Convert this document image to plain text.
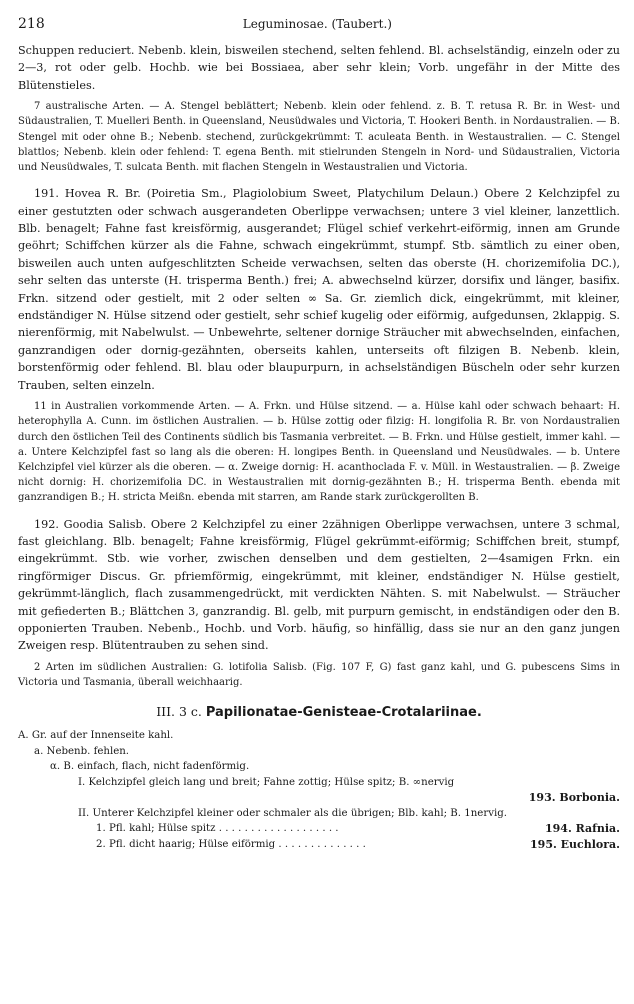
218	Leguminosae. (Taubert.)

Schuppen reduciert. Nebenb. klein, bisweilen stechend, selten fehlend. Bl. achselständig, einzeln oder zu 2—3, rot oder gelb. Hochb. wie bei Bossiaea, aber sehr klein; Vorb. ungefähr in der Mitte des Blütenstieles.

7 australische Arten. — A. Stengel beblättert; Nebenb. klein oder fehlend. z. B. T. retusa R. Br. in West- und Südaustralien, T. Muelleri Benth. in Queensland, Neusüdwales und Victoria, T. Hookeri Benth. in Nordaustralien. — B. Stengel mit oder ohne B.; Nebenb. stechend, zurückgekrümmt: T. aculeata Benth. in Westaustralien. — C. Stengel blattlos; Nebenb. klein oder fehlend: T. egena Benth. mit stielrunden Stengeln in Nord- und Südaustralien, Victoria und Neusüdwales, T. sulcata Benth. mit flachen Stengeln in Westaustralien und Victoria.

191. Hovea R. Br. (Poiretia Sm., Plagiolobium Sweet, Platychilum Delaun.) Obere 2 Kelchzipfel zu einer gestutzten oder schwach ausgerandeten Oberlippe verwachsen; untere 3 viel kleiner, lanzettlich. Blb. benagelt; Fahne fast kreisförmig, ausgerandet; Flügel schief verkehrt-eiförmig, innen am Grunde geöhrt; Schiffchen kürzer als die Fahne, schwach eingekrümmt, stumpf. Stb. sämtlich zu einer oben, bisweilen auch unten aufgeschlitzten Scheide verwachsen, selten das oberste (H. chorizemifolia DC.), sehr selten das unterste (H. trisperma Benth.) frei; A. abwechselnd kürzer, dorsifix und länger, basifix. Frkn. sitzend oder gestielt, mit 2 oder selten ∞ Sa. Gr. ziemlich dick, eingekrümmt, mit kleiner, endständiger N. Hülse sitzend oder gestielt, sehr schief kugelig oder eiförmig, aufgedunsen, 2klappig. S. nierenförmig, mit Nabelwulst. — Unbewehrte, seltener dornige Sträucher mit abwechselnden, einfachen, ganzrandigen oder dornig-gezähnten, oberseits kahlen, unterseits oft filzigen B. Nebenb. klein, borstenförmig oder fehlend. Bl. blau oder blaupurpurn, in achselständigen Büscheln oder sehr kurzen Trauben, selten einzeln.

11 in Australien vorkommende Arten. — A. Frkn. und Hülse sitzend. — a. Hülse kahl oder schwach behaart: H. heterophylla A. Cunn. im östlichen Australien. — b. Hülse zottig oder filzig: H. longifolia R. Br. von Nordaustralien durch den östlichen Teil des Continents südlich bis Tasmania verbreitet. — B. Frkn. und Hülse gestielt, immer kahl. — a. Untere Kelchzipfel fast so lang als die oberen: H. longipes Benth. in Queensland und Neusüdwales. — b. Untere Kelchzipfel viel kürzer als die oberen. — α. Zweige dornig: H. acanthoclada F. v. Müll. in Westaustralien. — β. Zweige nicht dornig: H. chorizemifolia DC. in Westaustralien mit dornig-gezähnten B.; H. trisperma Benth. ebenda mit ganzrandigen B.; H. stricta Meißn. ebenda mit starren, am Rande stark zurückgerollten B.

192. Goodia Salisb. Obere 2 Kelchzipfel zu einer 2zähnigen Oberlippe verwachsen, untere 3 schmal, fast gleichlang. Blb. benagelt; Fahne kreisförmig, Flügel gekrümmt-eiförmig; Schiffchen breit, stumpf, eingekrümmt. Stb. wie vorher, zwischen denselben und dem gestielten, 2—4samigen Frkn. ein ringförmiger Discus. Gr. pfriemförmig, eingekrümmt, mit kleiner, endständiger N. Hülse gestielt, gekrümmt-länglich, flach zusammengedrückt, mit verdickten Nähten. S. mit Nabelwulst. — Sträucher mit gefiederten B.; Blättchen 3, ganzrandig. Bl. gelb, mit purpurn gemischt, in endständigen oder den B. opponierten Trauben. Nebenb., Hochb. und Vorb. häufig, so hinfällig, dass sie nur an den ganz jungen Zweigen resp. Blütentrauben zu sehen sind.

2 Arten im südlichen Australien: G. lotifolia Salisb. (Fig. 107 F, G) fast ganz kahl, und G. pubescens Sims in Victoria und Tasmania, überall weichhaarig.

III. 3 c. Papilionatae-Genisteae-Crotalariinae.
A. Gr. auf der Innenseite kahl.
a. Nebenb. fehlen.
α. B. einfach, flach, nicht fadenförmig.
I. Kelchzipfel gleich lang und breit; Fahne zottig; Hülse spitz; B. ∞nervig
193. Borbonia.
II. Unterer Kelchzipfel kleiner oder schmaler als die übrigen; Blb. kahl; B. 1nervig.
1. Pfl. kahl; Hülse spitz . . . . . . . . . . . . . . . . . . .	194. Rafnia.
2. Pfl. dicht haarig; Hülse eiförmig . . . . . . . . . . . . . .	195. Euchlora.
